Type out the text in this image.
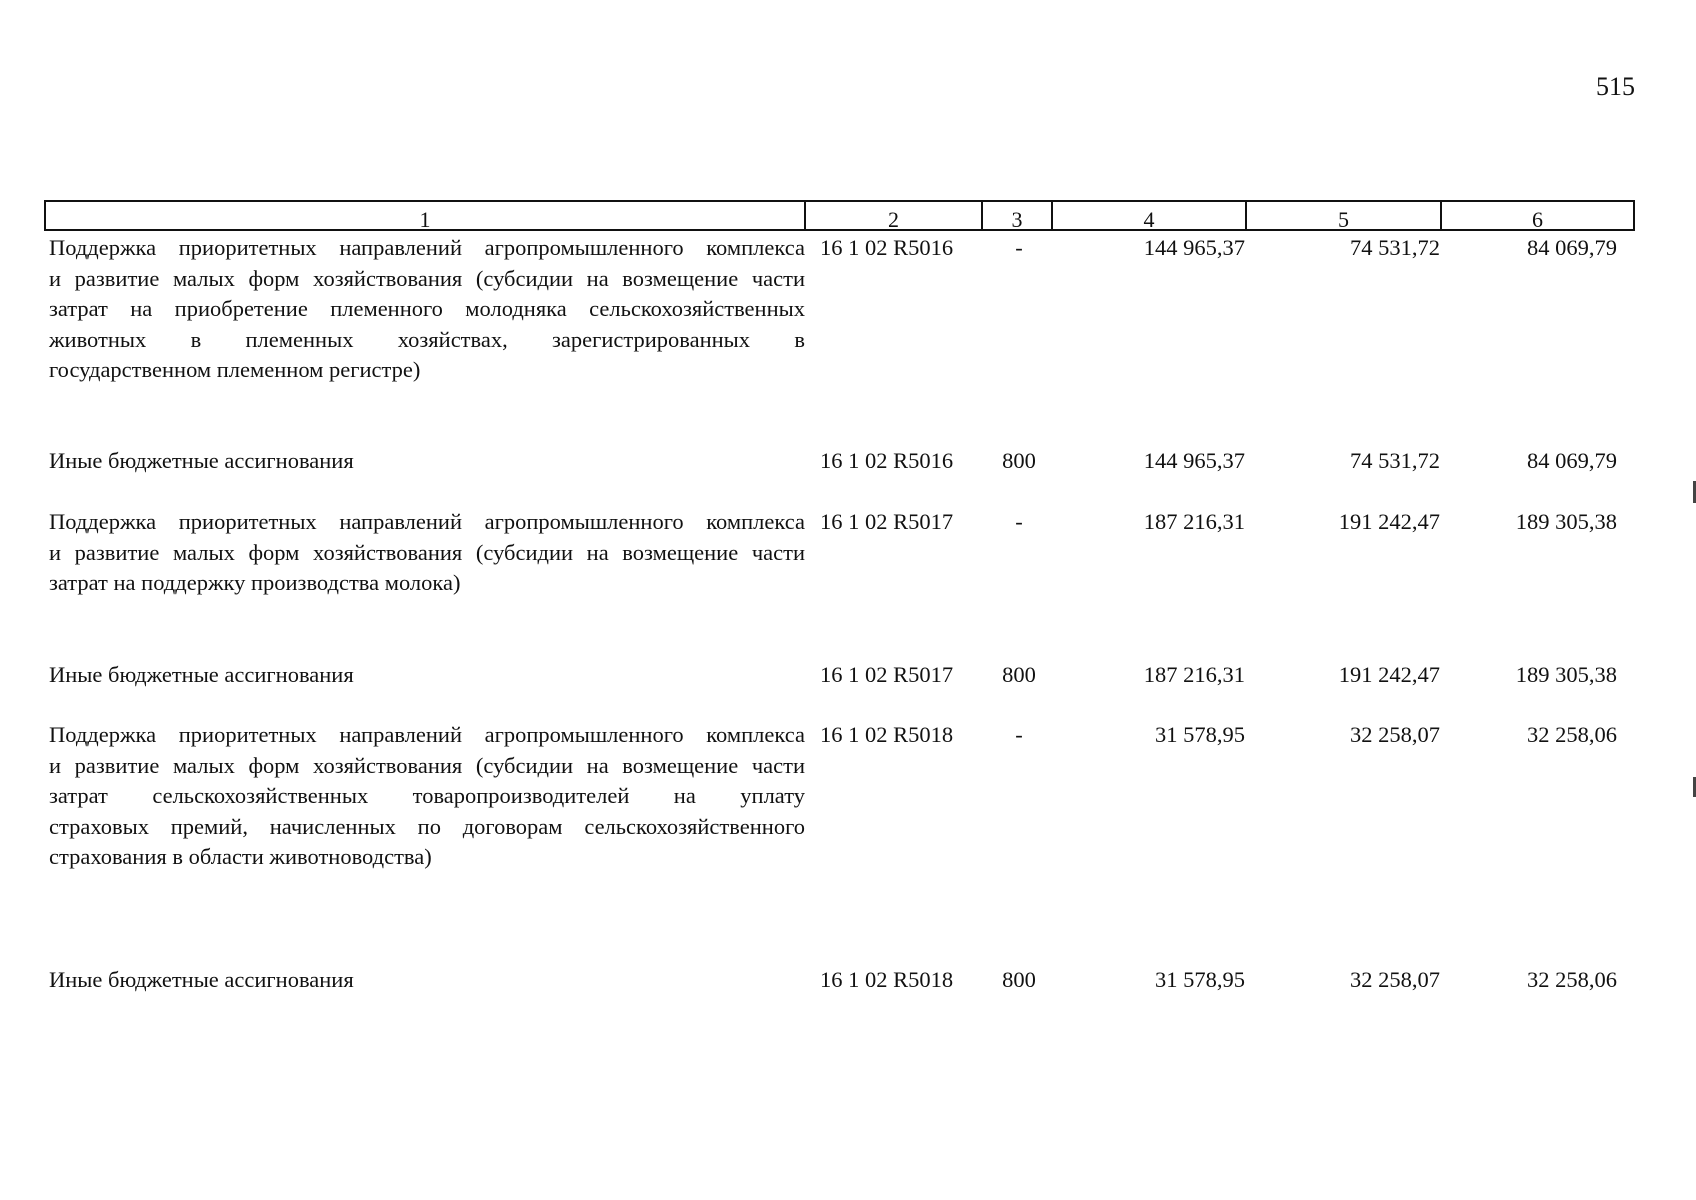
515
1	2	3	4	5	6
Поддержка приоритетных направлений агропромышленного комплекса
и развитие малых форм хозяйствования (субсидии на возмещение части
затрат на приобретение племенного молодняка сельскохозяйственных
животных в племенных хозяйствах, зарегистрированных в
государственном племенном регистре)
16 1 02 R5016	-	144 965,37	74 531,72	84 069,79
Иные бюджетные ассигнования	16 1 02 R5016	800	144 965,37	74 531,72	84 069,79
Поддержка приоритетных направлений агропромышленного комплекса
и развитие малых форм хозяйствования (субсидии на возмещение части
затрат на поддержку производства молока)
16 1 02 R5017	-	187 216,31	191 242,47	189 305,38
Иные бюджетные ассигнования	16 1 02 R5017	800	187 216,31	191 242,47	189 305,38
Поддержка приоритетных направлений агропромышленного комплекса
и развитие малых форм хозяйствования (субсидии на возмещение части
затрат сельскохозяйственных товаропроизводителей на уплату
страховых премий, начисленных по договорам сельскохозяйственного
страхования в области животноводства)
16 1 02 R5018	-	31 578,95	32 258,07	32 258,06
Иные бюджетные ассигнования	16 1 02 R5018	800	31 578,95	32 258,07	32 258,06
